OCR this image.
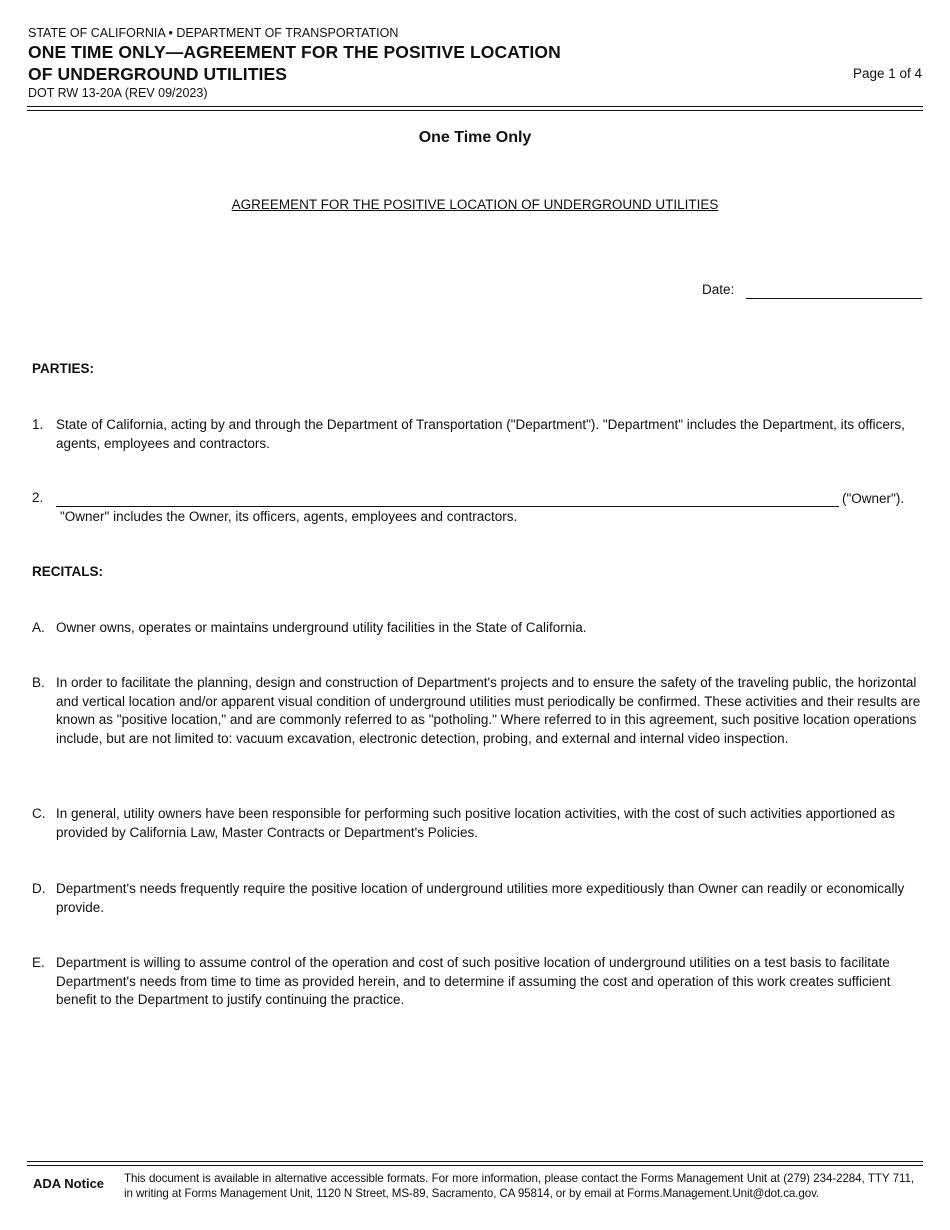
STATE OF CALIFORNIA • DEPARTMENT OF TRANSPORTATION
ONE TIME ONLY—AGREEMENT FOR THE POSITIVE LOCATION
OF UNDERGROUND UTILITIES
DOT RW 13-20A (REV 09/2023)
Page 1 of 4
One Time Only
AGREEMENT FOR THE POSITIVE LOCATION OF UNDERGROUND UTILITIES
Date:
PARTIES:
1. State of California, acting by and through the Department of Transportation ("Department"). "Department" includes the Department, its officers, agents, employees and contractors.
2.	("Owner").
"Owner" includes the Owner, its officers, agents, employees and contractors.
RECITALS:
A. Owner owns, operates or maintains underground utility facilities in the State of California.
B. In order to facilitate the planning, design and construction of Department's projects and to ensure the safety of the traveling public, the horizontal and vertical location and/or apparent visual condition of underground utilities must periodically be confirmed. These activities and their results are known as "positive location," and are commonly referred to as "potholing." Where referred to in this agreement, such positive location operations include, but are not limited to: vacuum excavation, electronic detection, probing, and external and internal video inspection.
C. In general, utility owners have been responsible for performing such positive location activities, with the cost of such activities apportioned as provided by California Law, Master Contracts or Department's Policies.
D. Department's needs frequently require the positive location of underground utilities more expeditiously than Owner can readily or economically provide.
E. Department is willing to assume control of the operation and cost of such positive location of underground utilities on a test basis to facilitate Department's needs from time to time as provided herein, and to determine if assuming the cost and operation of this work creates sufficient benefit to the Department to justify continuing the practice.
ADA Notice This document is available in alternative accessible formats. For more information, please contact the Forms Management Unit at (279) 234-2284, TTY 711, in writing at Forms Management Unit, 1120 N Street, MS-89, Sacramento, CA 95814, or by email at Forms.Management.Unit@dot.ca.gov.
